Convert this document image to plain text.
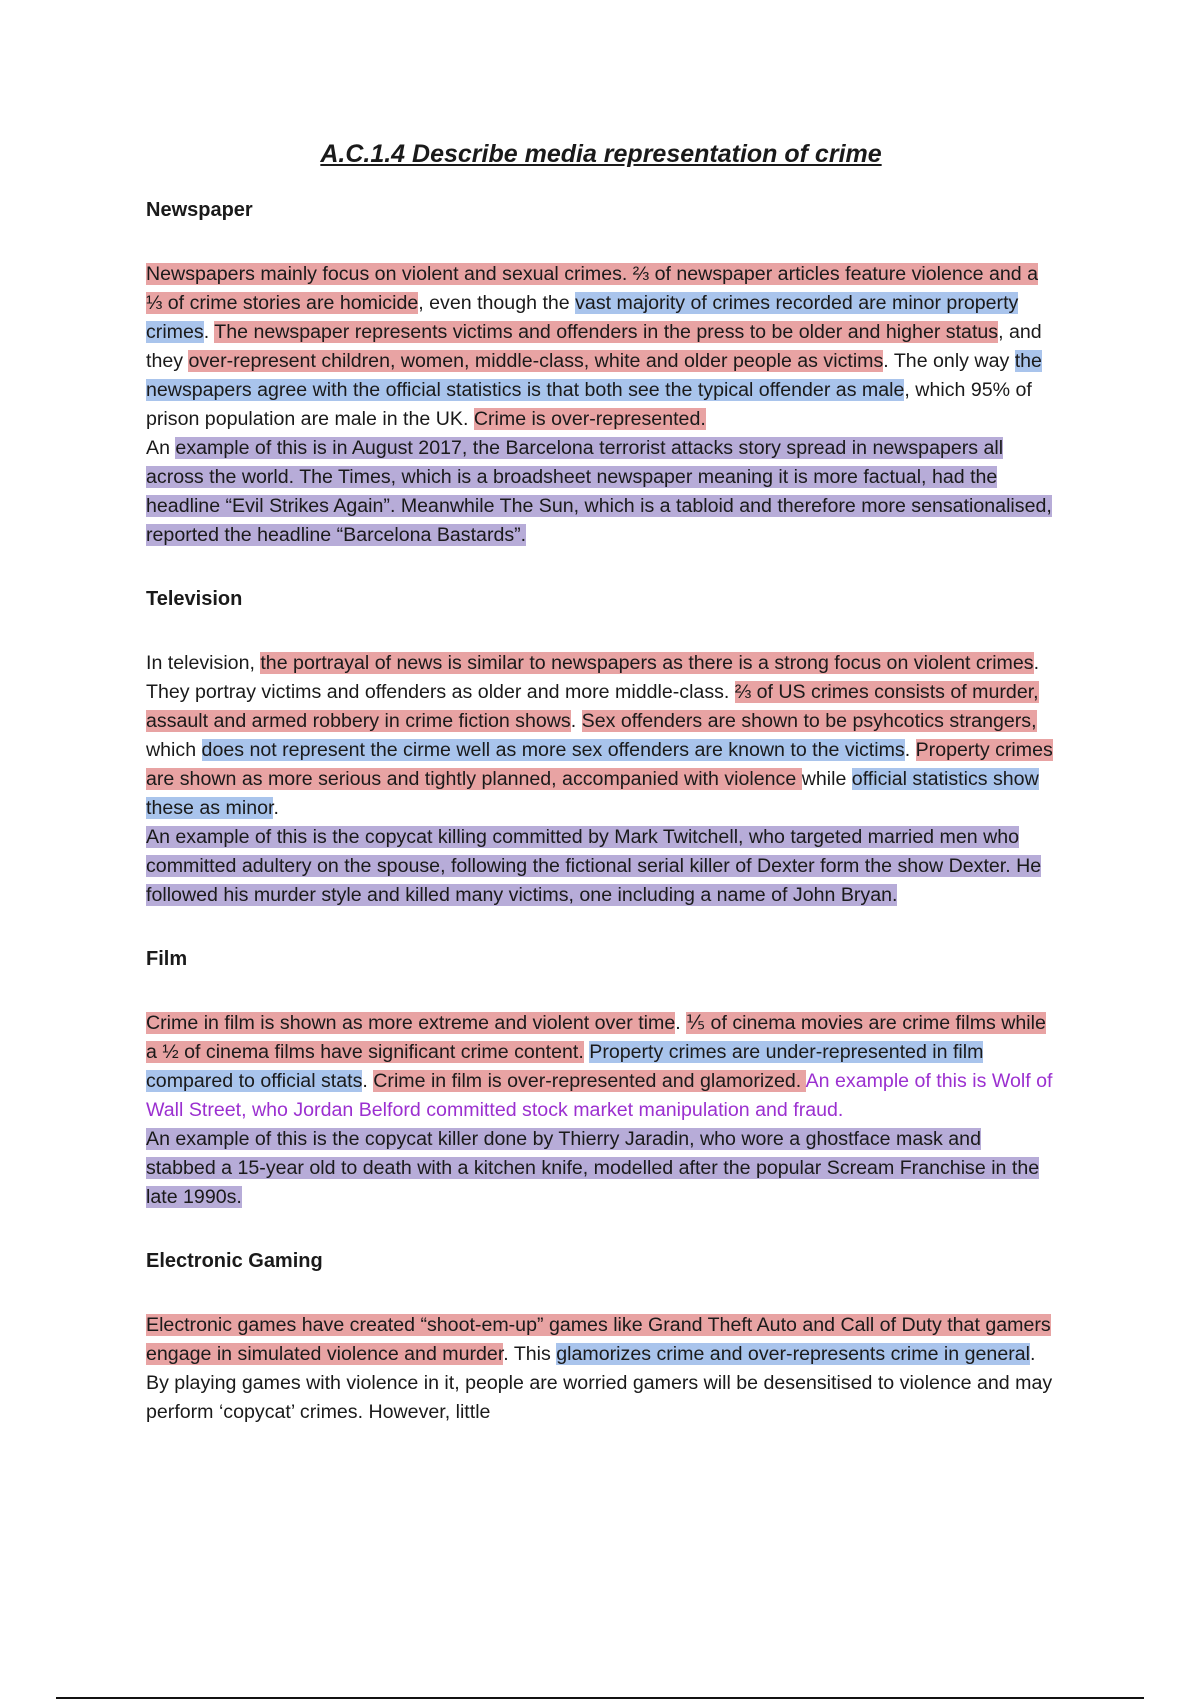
A.C.1.4 Describe media representation of crime
Newspaper

Newspapers mainly focus on violent and sexual crimes. ⅔ of newspaper articles feature violence and a ⅓ of crime stories are homicide, even though the vast majority of crimes recorded are minor property crimes. The newspaper represents victims and offenders in the press to be older and higher status, and they over-represent children, women, middle-class, white and older people as victims. The only way the newspapers agree with the official statistics is that both see the typical offender as male, which 95% of prison population are male in the UK. Crime is over-represented.

An example of this is in August 2017, the Barcelona terrorist attacks story spread in newspapers all across the world. The Times, which is a broadsheet newspaper meaning it is more factual, had the headline “Evil Strikes Again”. Meanwhile The Sun, which is a tabloid and therefore more sensationalised, reported the headline “Barcelona Bastards”.

Television

In television, the portrayal of news is similar to newspapers as there is a strong focus on violent crimes. They portray victims and offenders as older and more middle-class. ⅔ of US crimes consists of murder, assault and armed robbery in crime fiction shows. Sex offenders are shown to be psyhcotics strangers, which does not represent the cirme well as more sex offenders are known to the victims. Property crimes are shown as more serious and tightly planned, accompanied with violence while official statistics show these as minor.

An example of this is the copycat killing committed by Mark Twitchell, who targeted married men who committed adultery on the spouse, following the fictional serial killer of Dexter form the show Dexter. He followed his murder style and killed many victims, one including a name of John Bryan.

Film

Crime in film is shown as more extreme and violent over time. ⅕ of cinema movies are crime films while a ½ of cinema films have significant crime content. Property crimes are under-represented in film compared to official stats. Crime in film is over-represented and glamorized. An example of this is Wolf of Wall Street, who Jordan Belford committed stock market manipulation and fraud.

An example of this is the copycat killer done by Thierry Jaradin, who wore a ghostface mask and stabbed a 15-year old to death with a kitchen knife, modelled after the popular Scream Franchise in the late 1990s.

Electronic Gaming

Electronic games have created “shoot-em-up” games like Grand Theft Auto and Call of Duty that gamers engage in simulated violence and murder. This glamorizes crime and over-represents crime in general. By playing games with violence in it, people are worried gamers will be desensitised to violence and may perform ‘copycat’ crimes. However, little
